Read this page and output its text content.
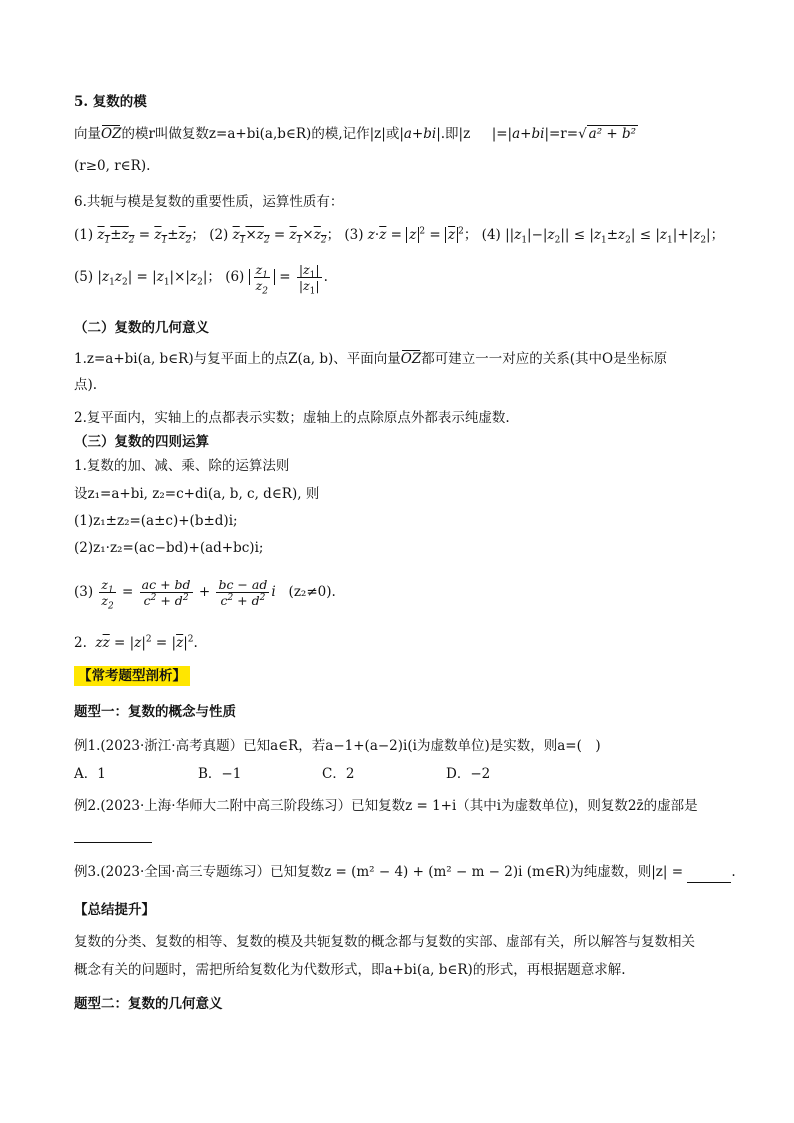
5. 复数的模
向量OZ的模r叫做复数z=a+bi(a,b∈R)的模,记作|z|或|a+bi|.即|z |=|a+bi|=r=√ a² + b²
(r≥0, r∈R).
6.共轭与模是复数的重要性质，运算性质有：
(1) $z_1\pm z_2 = z_1\pm z_2$； (2) $z_1\times z_2 = z_1\times z_2$； (3) $z\cdot\overline{z} = z$ $^2 = \overline{z}$ $^2$； (4) $||z_1|-|z_2|| \le |z_1\pm z_2| \le |z_1|+|z_2|$；
(5) $|z_1z_2| = |z_1|\times|z_2|$； $(6) \frac{z_1}{z_2} = \frac{|z_1|}{|z_1|}$ .
（二）复数的几何意义
1.z=a+bi(a, b∈R)与复平面上的点Z(a, b)、平面向量OZ都可建立一一对应的关系(其中O是坐标原
点).
2.复平面内，实轴上的点都表示实数；虚轴上的点除原点外都表示纯虚数.
（三）复数的四则运算
1.复数的加、减、乘、除的运算法则
设z₁=a+bi, z₂=c+di(a, b, c, d∈R), 则
(1)z₁±z₂=(a±c)+(b±d)i;
(2)z₁·z₂=(ac−bd)+(ad+bc)i;
$(3) \frac{z_1}{z_2} = \frac{ac + bd}{c^2 + d^2} + \frac{bc - ad}{c^2 + d^2}$ i (z₂≠0).
2. $z\overline{z} = |z|^2 = |\overline{z}|^2$.
【常考题型剖析】
题型一：复数的概念与性质
例1.(2023·浙江·高考真题）已知a∈R，若a−1+(a−2)i(i为虚数单位)是实数，则a=(　)
A．1	B．−1	C．2	D．−2
例2.(2023·上海·华师大二附中高三阶段练习）已知复数z = 1+i（其中i为虚数单位)，则复数2z̄的虚部是

例3.(2023·全国·高三专题练习）已知复数z = (m² − 4) + (m² − m − 2)i (m∈R)为纯虚数，则|z| =	.
【总结提升】
复数的分类、复数的相等、复数的模及共轭复数的概念都与复数的实部、虚部有关，所以解答与复数相关
概念有关的问题时，需把所给复数化为代数形式，即a+bi(a, b∈R)的形式，再根据题意求解.
题型二：复数的几何意义
